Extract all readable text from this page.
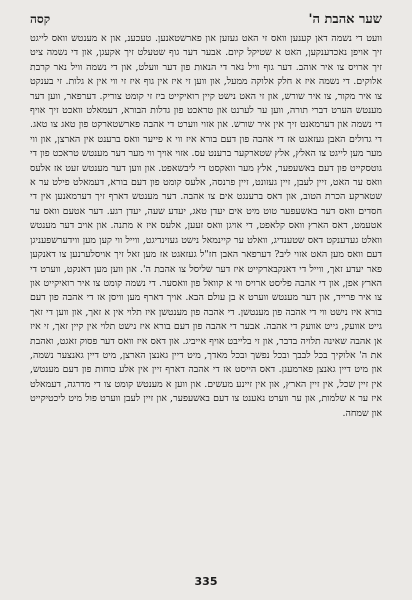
שער אהבת ה'
קסה

וועט די נשמה דאן קענען וואס זי האט געזען און פארשטאנען. טעכענ, און א מענטש וואס לייגט זיך אויפן נאכדענקען, האט א שטיקל קיום. אבער דער גוף שטעלט זיך אקעגן, און די נשמה ציט זיך ארויס צו איר אוהב. דער גוף וויל נאר די הנאות פון דער וועלט, און די נשמה וויל נאר קרבת אלוקים. די נשמה איז א חלק אלוקה ממעל, און ווען זי איז אין גוף איז זי ווי אין א גלות. זי בענקט צו איר מקור, צו איר שורש, און זי האט נישט קיין רואיקייט ביז זי קומט צוריק. דערפאר, ווען דער מענטש הערט דברי תורה, ווען ער לערנט און טראכט פון גדלות הבורא, דעמאלט וואכט זיך אויף די נשמה און דערמאנט זיך אין איר שורש. און אזוי ווערט די אהבה פארשטארקט פון טאג צו טאג. די גדולים האבן געזאגט אז די אהבה פון דעם בורא איז ווי א פייער וואס ברענט אין הארצן, און ווי מער מען לייגט צו האלץ, אלץ שטארקער ברענט עס. אזוי אויך ווי מער דער מענטש טראכט פון די גוטסקייט פון דעם באשעפער, אלץ מער וואקסט די ליבשאפט. און ווען דער מענטש זעט אז אלעס וואס ער האט, זיין לעבן, זיין געזונט, זיין פרנסה, אלעס קומט פון דעם בורא, דעמאלט פילט ער א שטארקע הכרת הטוב, און דאס ברענגט אים צו אהבה. דער מענטש דארף זיך דערמאנען אין די חסדים וואס דער באשעפער טוט מיט אים יעדן טאג, יעדע שעה, יעדן רגע. דער אטעם וואס ער אטעמט, דאס הארץ וואס קלאפט, די אויגן וואס זעען, אלעס איז א מתנה. און אויב דער מענטש וואלט געדענקט דאס שטענדיג, וואלט ער קיינמאל נישט געזינדיגט, ווייל ווי קען מען ווידערשפעניגן דעם וואס מען האט אזוי ליב? דערפאר האבן חז"ל געזאגט אז מען זאל זיך אויסלערנען צו דאנקען פאר יעדע זאך, ווייל די דאנקבארקייט איז דער שליסל צו אהבת ה'. און ווען מען דאנקט, ווערט די הארץ אפן, און די אהבה פליסט ארויס ווי א קוואל פון וואסער. די נשמה קומט צו איר רואיקייט און צו איר פרייד, און דער מענטש ווערט א בן עולם הבא. אויך דארף מען וויסן אז די אהבה פון דעם בורא איז נישט ווי די אהבה פון מענטשן. די אהבה פון מענטשן איז תלוי אין א זאך, און ווען די זאך גייט אוועק, גייט אוועק די אהבה. אבער די אהבה פון דעם בורא איז נישט תלוי אין קיין זאך, זי איז אן אהבה שאינה תלויה בדבר, און זי בלייבט אויף אייביג. און דאס איז וואס דער פסוק זאגט, ואהבת את ה' אלוקיך בכל לבבך ובכל נפשך ובכל מאדך, מיט דיין גאנצן הארצן, מיט דיין גאנצער נשמה, און מיט דיין גאנצן פארמעגן. דאס הייסט אז די אהבה דארף זיין אין אלע כוחות פון דעם מענטש, אין זיין שכל, אין זיין הארץ, און אין זיינע מעשים. און ווען א מענטש קומט צו די מדרגה, דעמאלט איז ער א שלמות, און ער ווערט נאענט צו דעם באשעפער, און זיין לעבן ווערט פול מיט ליכטיקייט און שמחה.

335
